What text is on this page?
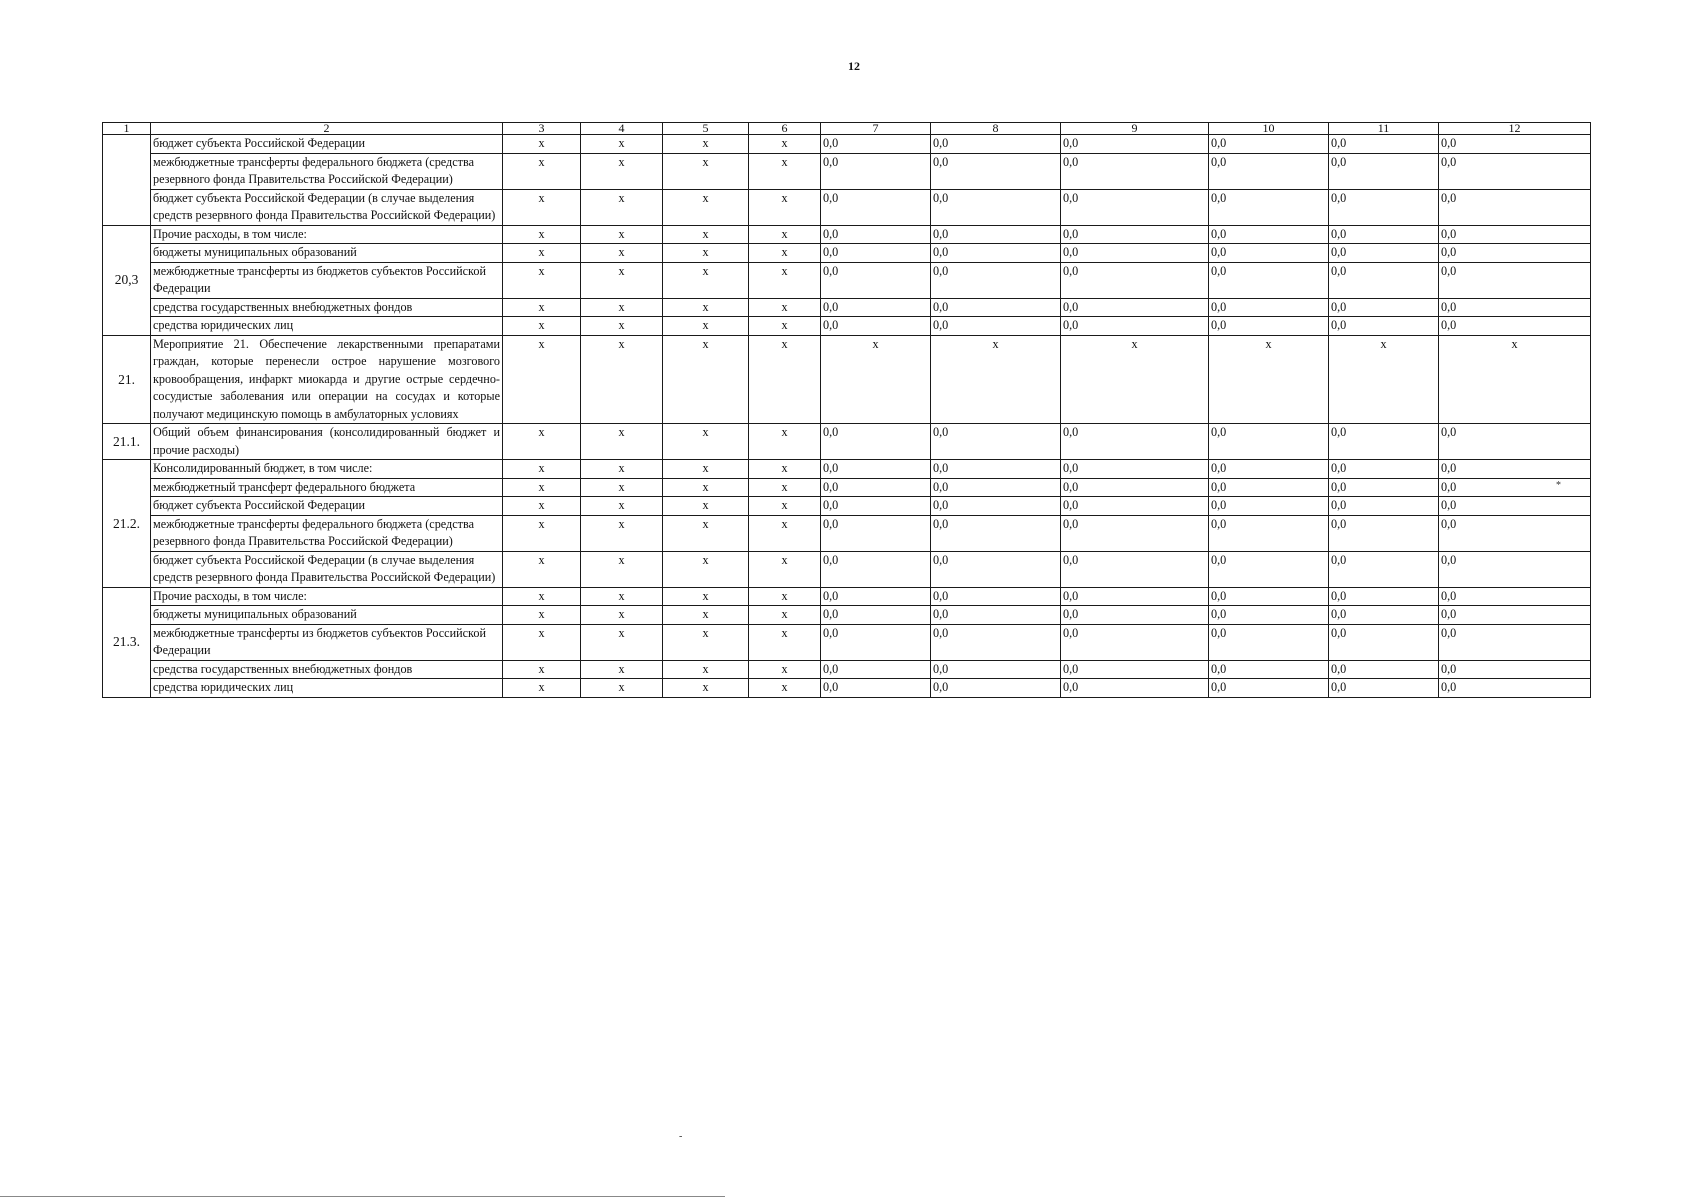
12
1	2	3	4	5	6	7	8	9	10	11	12
	бюджет субъекта Российской Федерации	x	x	x	x	0,0	0,0	0,0	0,0	0,0	0,0
	межбюджетные трансферты федерального бюджета (средства резервного фонда Правительства Российской Федерации)	x	x	x	x	0,0	0,0	0,0	0,0	0,0	0,0
	бюджет субъекта Российской Федерации (в случае выделения средств резервного фонда Правительства Российской Федерации)	x	x	x	x	0,0	0,0	0,0	0,0	0,0	0,0
20,3	Прочие расходы, в том числе:	x	x	x	x	0,0	0,0	0,0	0,0	0,0	0,0
	бюджеты муниципальных образований	x	x	x	x	0,0	0,0	0,0	0,0	0,0	0,0
	межбюджетные трансферты из бюджетов субъектов Российской Федерации	x	x	x	x	0,0	0,0	0,0	0,0	0,0	0,0
	средства государственных внебюджетных фондов	x	x	x	x	0,0	0,0	0,0	0,0	0,0	0,0
	средства юридических лиц	x	x	x	x	0,0	0,0	0,0	0,0	0,0	0,0
21.	Мероприятие 21. Обеспечение лекарственными препаратами граждан, которые перенесли острое нарушение мозгового кровообращения, инфаркт миокарда и другие острые сердечно-сосудистые заболевания или операции на сосудах и которые получают медицинскую помощь в амбулаторных условиях	x	x	x	x	x	x	x	x	x	x
21.1.	Общий объем финансирования (консолидированный бюджет и прочие расходы)	x	x	x	x	0,0	0,0	0,0	0,0	0,0	0,0
21.2.	Консолидированный бюджет, в том числе:	x	x	x	x	0,0	0,0	0,0	0,0	0,0	0,0
	межбюджетный трансферт федерального бюджета	x	x	x	x	0,0	0,0	0,0	0,0	0,0	0,0
	бюджет субъекта Российской Федерации	x	x	x	x	0,0	0,0	0,0	0,0	0,0	0,0
	межбюджетные трансферты федерального бюджета (средства резервного фонда Правительства Российской Федерации)	x	x	x	x	0,0	0,0	0,0	0,0	0,0	0,0
	бюджет субъекта Российской Федерации (в случае выделения средств резервного фонда Правительства Российской Федерации)	x	x	x	x	0,0	0,0	0,0	0,0	0,0	0,0
21.3.	Прочие расходы, в том числе:	x	x	x	x	0,0	0,0	0,0	0,0	0,0	0,0
	бюджеты муниципальных образований	x	x	x	x	0,0	0,0	0,0	0,0	0,0	0,0
	межбюджетные трансферты из бюджетов субъектов Российской Федерации	x	x	x	x	0,0	0,0	0,0	0,0	0,0	0,0
	средства государственных внебюджетных фондов	x	x	x	x	0,0	0,0	0,0	0,0	0,0	0,0
	средства юридических лиц	x	x	x	x	0,0	0,0	0,0	0,0	0,0	0,0
-
*
